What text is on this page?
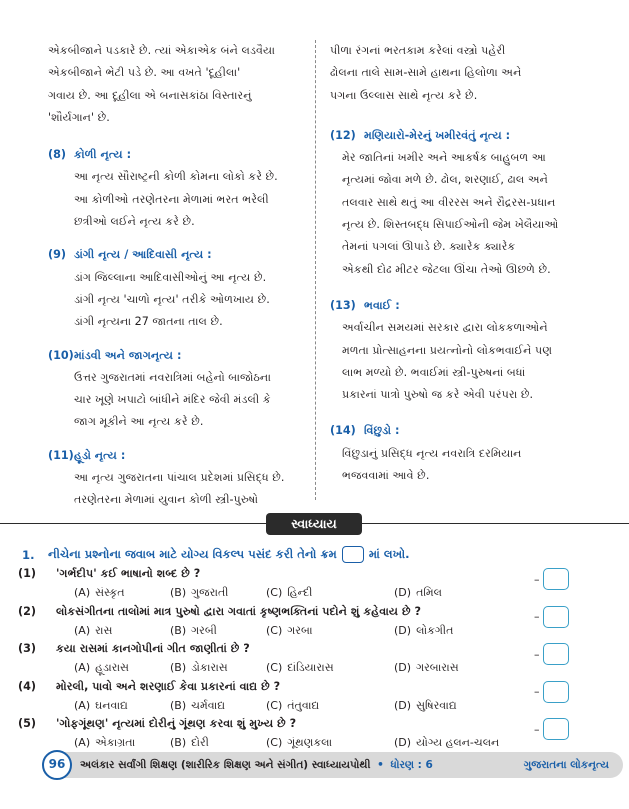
એકબીજાને પડકારે છે. ત્યાં એકાએક બંને લડવૈયા
એકબીજાને ભેટી પડે છે. આ વખતે 'દૂહીલા'
ગવાય છે. આ દૂહીલા એ બનાસકાંઠા વિસ્તારનું
'શૌર્યગાન' છે.
(8) કોળી નૃત્ય :
આ નૃત્ય સૌરાષ્ટ્રની કોળી કોમના લોકો કરે છે.
આ કોળીઓ તરણેતરના મેળામાં ભરત ભરેલી
છત્રીઓ લઈને નૃત્ય કરે છે.
(9) ડાંગી નૃત્ય / આદિવાસી નૃત્ય :
ડાંગ જિલ્લાના આદિવાસીઓનું આ નૃત્ય છે.
ડાંગી નૃત્ય 'ચાળો નૃત્ય' તરીકે ઓળખાય છે.
ડાંગી નૃત્યના 27 જાતના તાલ છે.
(10) માંડવી અને જાગનૃત્ય :
ઉત્તર ગુજરાતમાં નવરાત્રિમાં બહેનો બાજોઠના
ચાર ખૂણે ખપાટો બાંધીને મંદિર જેવી મંડલી કે
જાગ મૂકીને આ નૃત્ય કરે છે.
(11) હૂડો નૃત્ય :
આ નૃત્ય ગુજરાતના પાંચાલ પ્રદેશમાં પ્રસિદ્ધ છે.
તરણેતરના મેળામાં યુવાન કોળી સ્ત્રી-પુરુષો
પીળા રંગનાં ભરતકામ કરેલાં વસ્ત્રો પહેરી
ઢોલના તાલે સામ-સામે હાથના હિલોળા અને
પગના ઉલ્લાસ સાથે નૃત્ય કરે છે.
(12) મણિયારો-મેરનું ખમીરવંતું નૃત્ય :
મેર જાતિનાં ખમીર અને આકર્ષક બાહુબળ આ
નૃત્યમાં જોવા મળે છે. ઢોલ, શરણાઈ, ઢાલ અને
તલવાર સાથે થતું આ વીરરસ અને રૌદ્રરસ-પ્રધાન
નૃત્ય છે. શિસ્તબદ્ધ સિપાઈઓની જેમ ખેલૈયાઓ
તેમનાં પગલાં ઊપાડે છે. ક્યારેક ક્યારેક
એકથી દોઢ મીટર જેટલા ઊંચા તેઓ ઊછળે છે.
(13) ભવાઈ :
અર્વાચીન સમયમાં સરકાર દ્વારા લોકકળાઓને
મળતા પ્રોત્સાહનના પ્રયત્નોનો લોકભવાઈને પણ
લાભ મળ્યો છે. ભવાઈમાં સ્ત્રી-પુરુષનાં બધાં
પ્રકારનાં પાત્રો પુરુષો જ કરે એવી પરંપરા છે.
(14) વિંછુડો :
વિંછુડાનું પ્રસિદ્ધ નૃત્ય નવરાત્રિ દરમિયાન
ભજવવામાં આવે છે.
સ્વાધ્યાય
1.	નીચેના પ્રશ્નોના જવાબ માટે યોગ્ય વિકલ્પ પસંદ કરી તેનો ક્રમ	માં લખો.
(1)	'ગર્ભદીપ' કઈ ભાષાનો શબ્દ છે ?
(A) સંસ્કૃત	(B) ગુજરાતી	(C) હિન્દી	(D) તમિલ
–
(2)	લોકસંગીતના તાલોમાં માત્ર પુરુષો દ્વારા ગવાતાં કૃષ્ણભક્તિનાં પદોને શું કહેવાય છે ?
(A) રાસ	(B) ગરબી	(C) ગરબા	(D) લોકગીત
–
(3)	કયા રાસમાં કાનગોપીનાં ગીત જાણીતાં છે ?
(A) હૂડારાસ	(B) ડોકારાસ	(C) દાંડિયારાસ	(D) ગરબારાસ
–
(4)	મોરલી, પાવો અને શરણાઈ કેવા પ્રકારનાં વાદ્ય છે ?
(A) ઘનવાદ્ય	(B) ચર્મવાદ્ય	(C) તંતુવાદ્ય	(D) સુષિરવાદ્ય
–
(5)	'ગોફગૂંથણ' નૃત્યમાં દોરીનું ગૂંથણ કરવા શું મુખ્ય છે ?
(A) એકાગ્રતા	(B) દોરી	(C) ગૂંથણકલા	(D) યોગ્ય હલન-ચલન
–
અલંકાર સર્વાંગી શિક્ષણ (શારીરિક શિક્ષણ અને સંગીત) સ્વાધ્યાયપોથી • ધોરણ : 6	ગુજરાતના લોકનૃત્ય
96
